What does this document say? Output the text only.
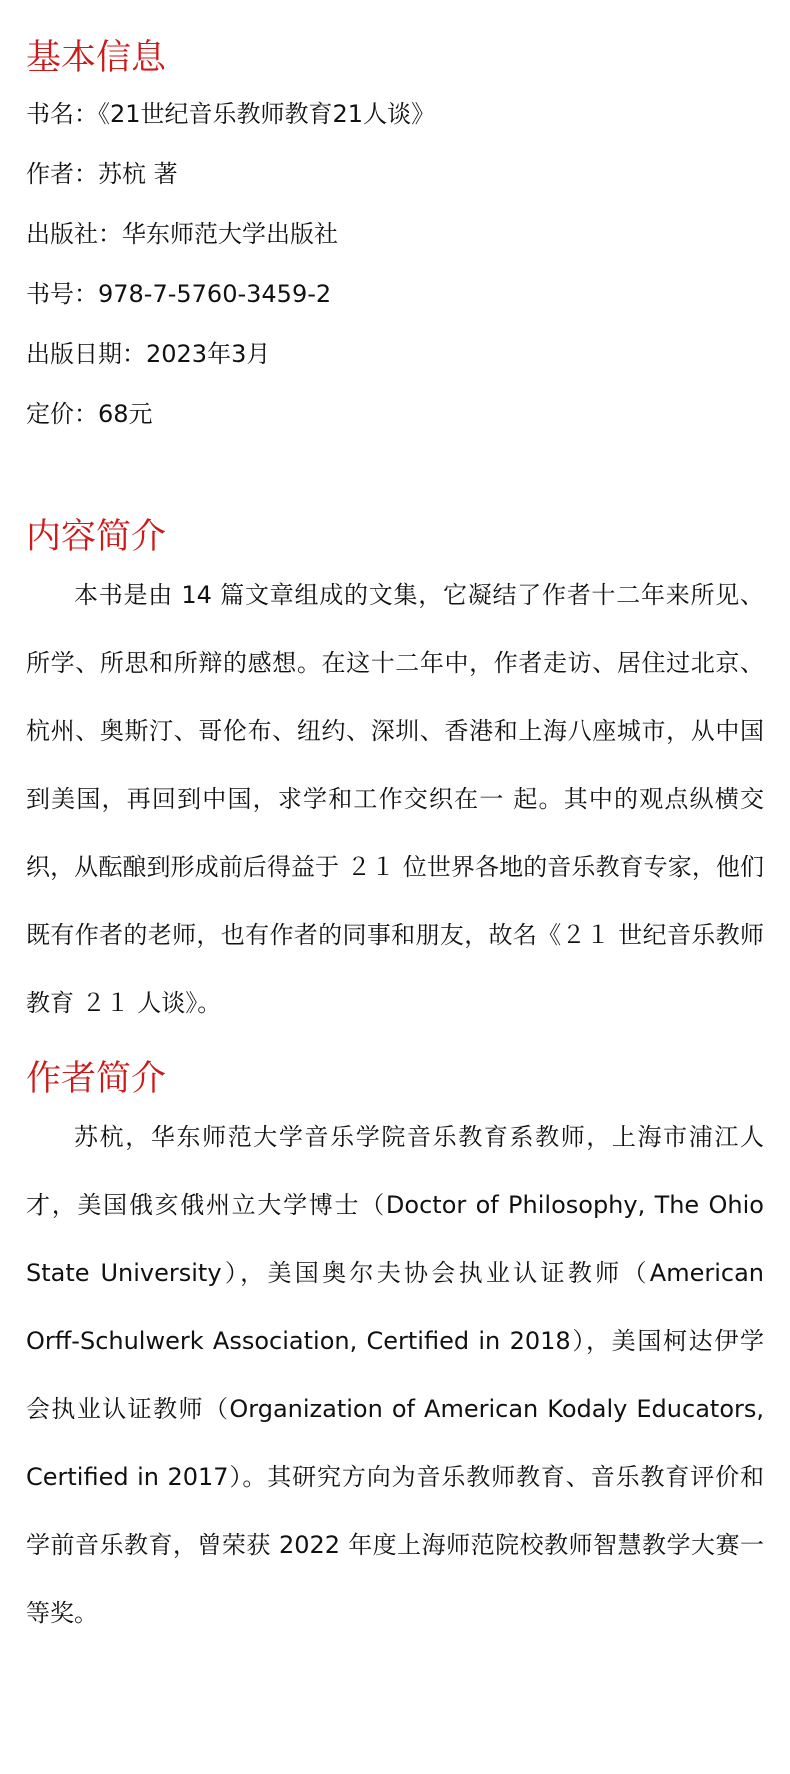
基本信息

书名：《21世纪音乐教师教育21人谈》

作者：苏杭 著

出版社：华东师范大学出版社

书号：978-7-5760-3459-2

出版日期：2023年3月

定价：68元

内容简介

本书是由 14 篇文章组成的文集，它凝结了作者十二年来所见、所学、所思和所辩的感想。在这十二年中，作者走访、居住过北京、杭州、奥斯汀、哥伦布、纽约、深圳、香港和上海八座城市，从中国到美国，再回到中国，求学和工作交织在一 起。其中的观点纵横交织，从酝酿到形成前后得益于 ２１ 位世界各地的音乐教育专家，他们既有作者的老师，也有作者的同事和朋友，故名《２１ 世纪音乐教师教育 ２１ 人谈》。

作者简介

苏杭，华东师范大学音乐学院音乐教育系教师，上海市浦江人才，美国俄亥俄州立大学博士（Doctor of Philosophy, The Ohio State University），美国奥尔夫协会执业认证教师（American Orff-Schulwerk Association, Certified in 2018），美国柯达伊学会执业认证教师（Organization of American Kodaly Educators, Certified in 2017）。其研究方向为音乐教师教育、音乐教育评价和学前音乐教育，曾荣获 2022 年度上海师范院校教师智慧教学大赛一等奖。
